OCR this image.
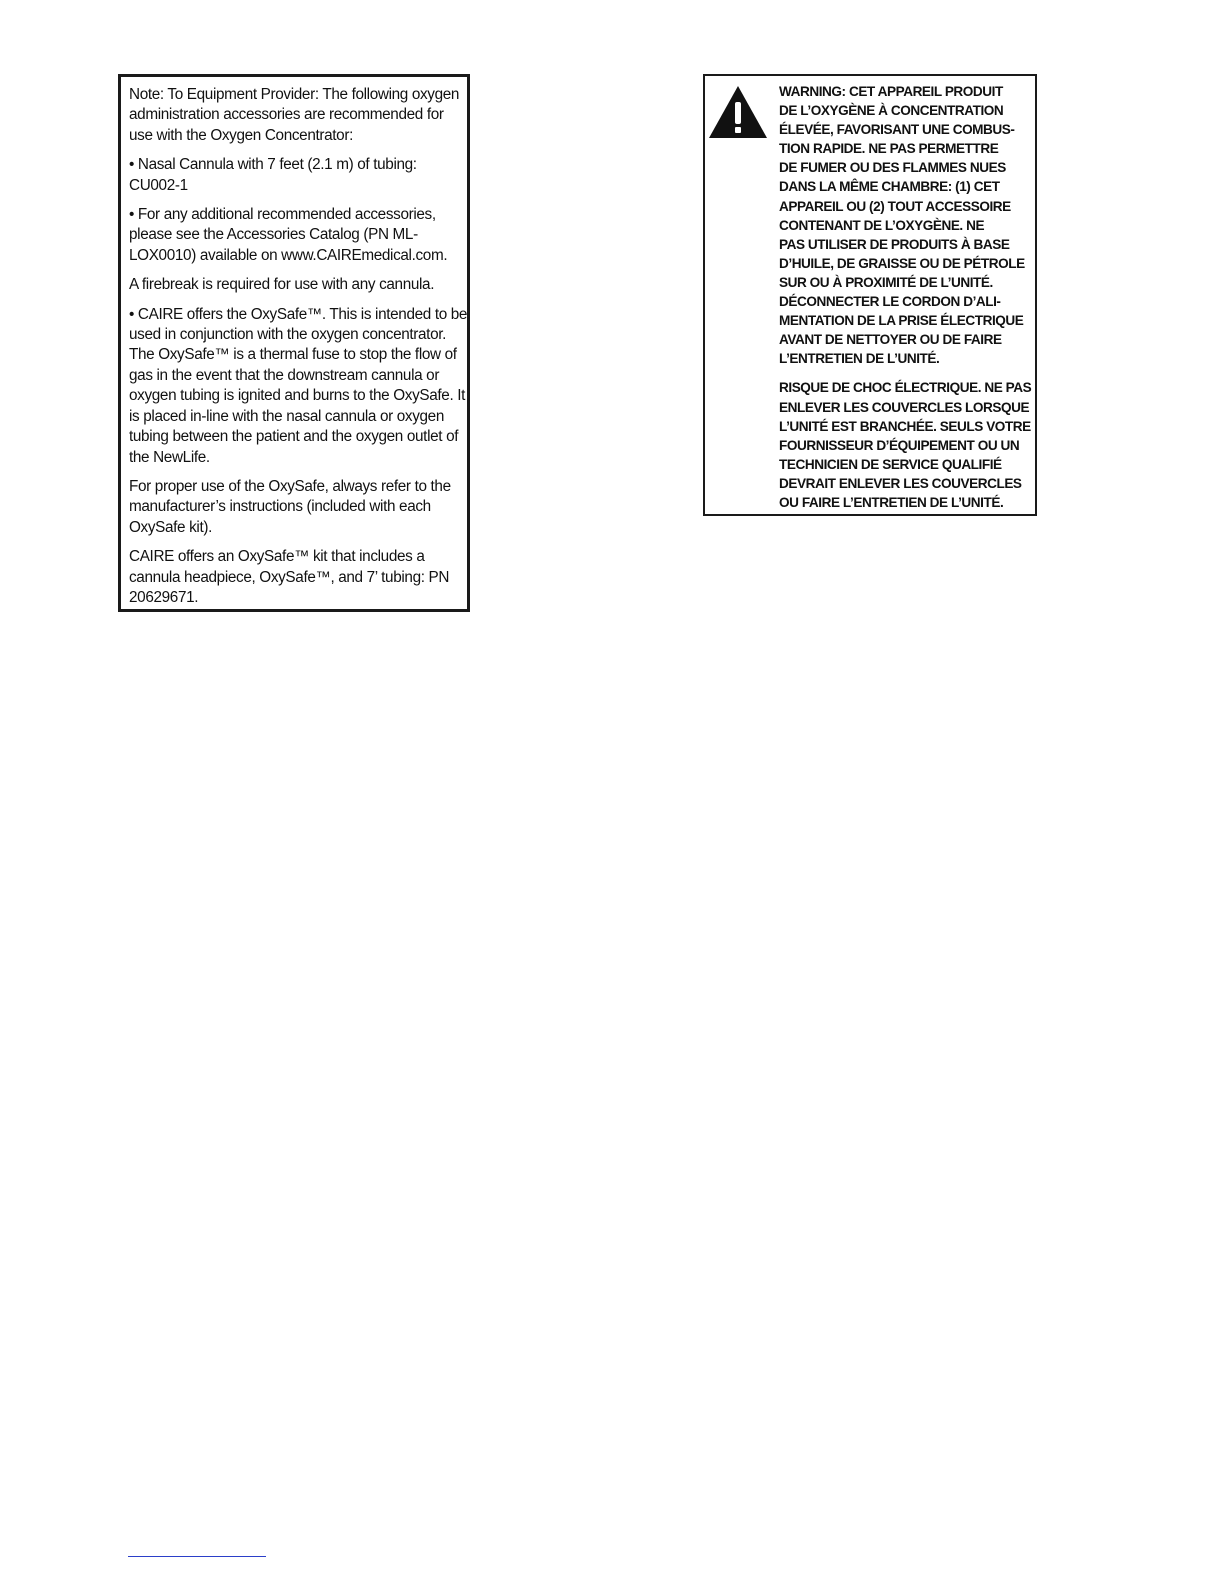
Note: To Equipment Provider: The following oxygen administration accessories are recommended for use with the Oxygen Concentrator:

• Nasal Cannula with 7 feet (2.1 m) of tubing: CU002-1

• For any additional recommended accessories, please see the Accessories Catalog (PN ML-LOX0010) available on www.CAIREmedical.com.

A firebreak is required for use with any cannula.

• CAIRE offers the OxySafe™. This is intended to be used in conjunction with the oxygen concentrator. The OxySafe™ is a thermal fuse to stop the flow of gas in the event that the downstream cannula or oxygen tubing is ignited and burns to the OxySafe. It is placed in-line with the nasal cannula or oxygen tubing between the patient and the oxygen outlet of the NewLife.

For proper use of the OxySafe, always refer to the manufacturer’s instructions (included with each OxySafe kit).

CAIRE offers an OxySafe™ kit that includes a cannula headpiece, OxySafe™, and 7’ tubing: PN 20629671.

WARNING: CET APPAREIL PRODUIT
DE L’OXYGÈNE À CONCENTRATION
ÉLEVÉE, FAVORISANT UNE COMBUS-
TION RAPIDE. NE PAS PERMETTRE
DE FUMER OU DES FLAMMES NUES
DANS LA MÊME CHAMBRE: (1) CET
APPAREIL OU (2) TOUT ACCESSOIRE
CONTENANT DE L’OXYGÈNE. NE
PAS UTILISER DE PRODUITS À BASE
D’HUILE, DE GRAISSE OU DE PÉTROLE
SUR OU À PROXIMITÉ DE L’UNITÉ.
DÉCONNECTER LE CORDON D’ALI-
MENTATION DE LA PRISE ÉLECTRIQUE
AVANT DE NETTOYER OU DE FAIRE
L’ENTRETIEN DE L’UNITÉ.

RISQUE DE CHOC ÉLECTRIQUE. NE PAS
ENLEVER LES COUVERCLES LORSQUE
L’UNITÉ EST BRANCHÉE. SEULS VOTRE
FOURNISSEUR D’ÉQUIPEMENT OU UN
TECHNICIEN DE SERVICE QUALIFIÉ
DEVRAIT ENLEVER LES COUVERCLES
OU FAIRE L’ENTRETIEN DE L’UNITÉ.
